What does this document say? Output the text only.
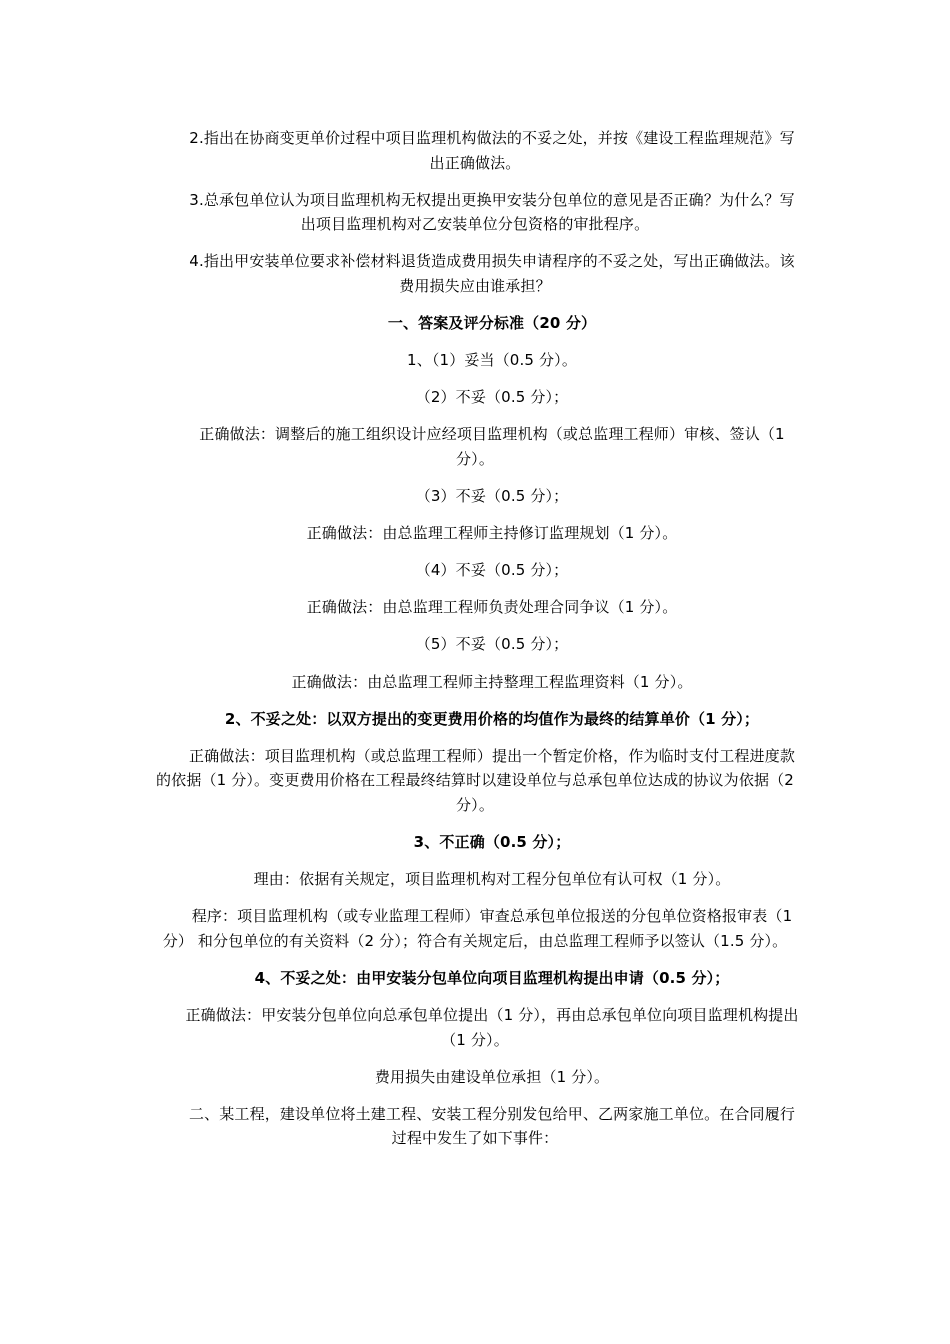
2.指出在协商变更单价过程中项目监理机构做法的不妥之处，并按《建设工程监理规范》写出正确做法。

3.总承包单位认为项目监理机构无权提出更换甲安装分包单位的意见是否正确？为什么？写出项目监理机构对乙安装单位分包资格的审批程序。

4.指出甲安装单位要求补偿材料退货造成费用损失申请程序的不妥之处，写出正确做法。该费用损失应由谁承担？

一、答案及评分标准（20 分）

1、（1）妥当（0.5 分）。

（2）不妥（0.5 分）；

正确做法：调整后的施工组织设计应经项目监理机构（或总监理工程师）审核、签认（1 分）。

（3）不妥（0.5 分）；

正确做法：由总监理工程师主持修订监理规划（1 分）。

（4）不妥（0.5 分）；

正确做法：由总监理工程师负责处理合同争议（1 分）。

（5）不妥（0.5 分）；

正确做法：由总监理工程师主持整理工程监理资料（1 分）。

2、不妥之处：以双方提出的变更费用价格的均值作为最终的结算单价（1 分）；

正确做法：项目监理机构（或总监理工程师）提出一个暂定价格，作为临时支付工程进度款的依据（1 分）。变更费用价格在工程最终结算时以建设单位与总承包单位达成的协议为依据（2 分）。

3、不正确（0.5 分）；

理由：依据有关规定，项目监理机构对工程分包单位有认可权（1 分）。

程序：项目监理机构（或专业监理工程师）审查总承包单位报送的分包单位资格报审表（1 分） 和分包单位的有关资料（2 分）；符合有关规定后，由总监理工程师予以签认（1.5 分）。

4、不妥之处：由甲安装分包单位向项目监理机构提出申请（0.5 分）；

正确做法：甲安装分包单位向总承包单位提出（1 分），再由总承包单位向项目监理机构提出（1 分）。

费用损失由建设单位承担（1 分）。

二、某工程，建设单位将土建工程、安装工程分别发包给甲、乙两家施工单位。在合同履行过程中发生了如下事件：
